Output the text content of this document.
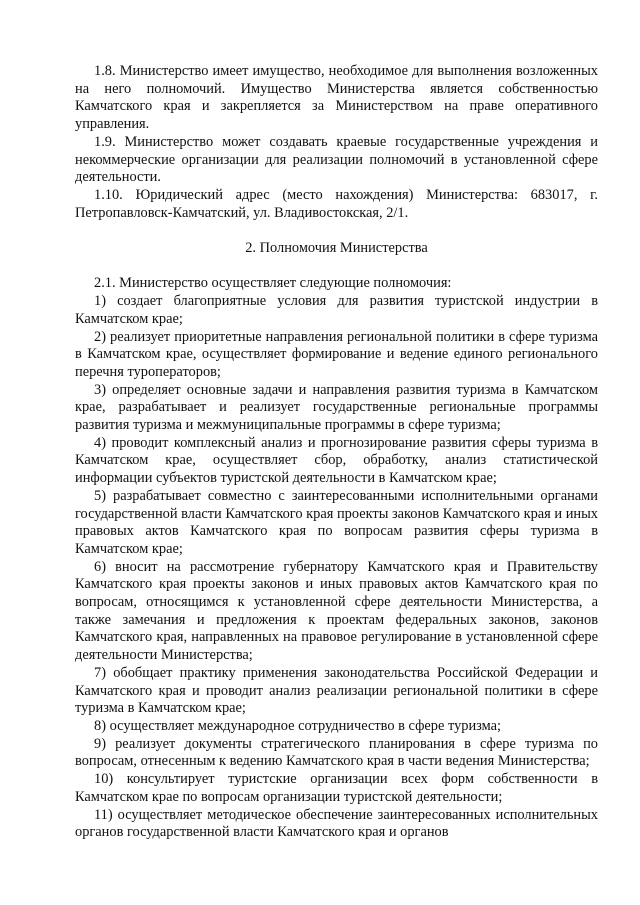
1.8. Министерство имеет имущество, необходимое для выполнения возложенных на него полномочий. Имущество Министерства является собственностью Камчатского края и закрепляется за Министерством на праве оперативного управления.

1.9. Министерство может создавать краевые государственные учреждения и некоммерческие организации для реализации полномочий в установленной сфере деятельности.

1.10. Юридический адрес (место нахождения) Министерства: 683017, г. Петропавловск-Камчатский, ул. Владивостокская, 2/1.

2. Полномочия Министерства

2.1. Министерство осуществляет следующие полномочия:

1) создает благоприятные условия для развития туристской индустрии в Камчатском крае;

2) реализует приоритетные направления региональной политики в сфере туризма в Камчатском крае, осуществляет формирование и ведение единого регионального перечня туроператоров;

3) определяет основные задачи и направления развития туризма в Камчатском крае, разрабатывает и реализует государственные региональные программы развития туризма и межмуниципальные программы в сфере туризма;

4) проводит комплексный анализ и прогнозирование развития сферы туризма в Камчатском крае, осуществляет сбор, обработку, анализ статистической информации субъектов туристской деятельности в Камчатском крае;

5) разрабатывает совместно с заинтересованными исполнительными органами государственной власти Камчатского края проекты законов Камчатского края и иных правовых актов Камчатского края по вопросам развития сферы туризма в Камчатском крае;

6) вносит на рассмотрение губернатору Камчатского края и Правительству Камчатского края проекты законов и иных правовых актов Камчатского края по вопросам, относящимся к установленной сфере деятельности Министерства, а также замечания и предложения к проектам федеральных законов, законов Камчатского края, направленных на правовое регулирование в установленной сфере деятельности Министерства;

7) обобщает практику применения законодательства Российской Федерации и Камчатского края и проводит анализ реализации региональной политики в сфере туризма в Камчатском крае;

8) осуществляет международное сотрудничество в сфере туризма;

9) реализует документы стратегического планирования в сфере туризма по вопросам, отнесенным к ведению Камчатского края в части ведения Министерства;

10) консультирует туристские организации всех форм собственности в Камчатском крае по вопросам организации туристской деятельности;

11) осуществляет методическое обеспечение заинтересованных исполнительных органов государственной власти Камчатского края и органов
